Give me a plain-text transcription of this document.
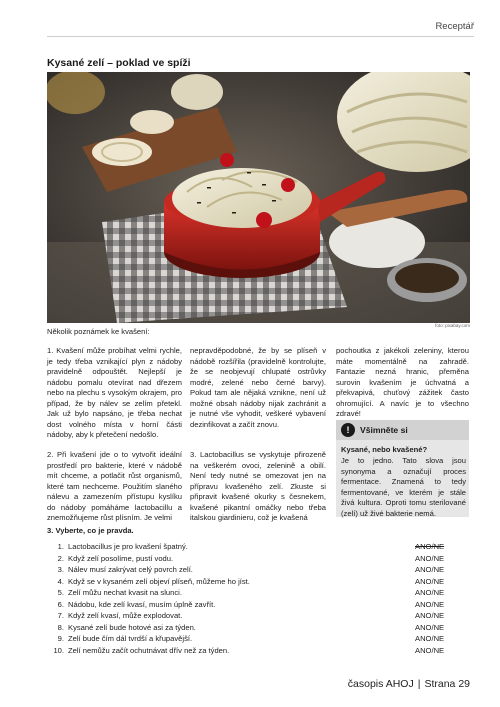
Receptář
Kysané zelí – poklad ve spíži
foto: pixabay.com
Několik poznámek ke kvašení:
1. Kvašení může probíhat velmi rychle, je tedy třeba vznikající plyn z nádoby pravidelně odpouštět. Nejlepší je nádobu pomalu otevírat nad dřezem nebo na plechu s vysokým okrajem, pro případ, že by nálev se zelím přetekl. Jak už bylo napsáno, je třeba nechat dost volného místa v horní části nádoby, aby k přetečení nedošlo.
2. Při kvašení jde o to vytvořit ideální prostředí pro bakterie, které v nádobě mít chceme, a potlačit růst organismů, které tam nechceme. Použitím slaného nálevu a zamezením přístupu kyslíku do nádoby pomáháme lactobacillu a znemožňujeme růst plísním. Je velmi
nepravděpodobné, že by se plíseň v nádobě rozšířila (pravidelně kontrolujte, že se neobjevují chlupaté ostrůvky modré, zelené nebo černé barvy). Pokud tam ale nějaká vznikne, není už možné obsah nádoby nijak zachránit a je nutné vše vyhodit, veškeré vybavení dezinfikovat a začít znovu.
3. Lactobacillus se vyskytuje přirozeně na veškerém ovoci, zelenině a obilí. Není tedy nutné se omezovat jen na přípravu kvašeného zelí. Zkuste si připravit kvašené okurky s česnekem, kvašené pikantní omáčky nebo třeba italskou giardinieru, což je kvašená
pochoutka z jakékoli zeleniny, kterou máte momentálně na zahradě. Fantazie nezná hranic, přeměna surovin kvašením je úchvatná a překvapivá, chuťový zážitek často ohromující. A navíc je to všechno zdravé!
!	Všimněte si
Kysané, nebo kvašené?
Je to jedno. Tato slova jsou synonyma a označují proces fermentace. Znamená to tedy fermentované, ve kterém je stále živá kultura. Oproti tomu sterilované (zelí) už živé bakterie nemá.
3. Vyberte, co je pravda.
1. Lactobacillus je pro kvašení špatný.	ANO/NE
2. Když zelí posolíme, pustí vodu.	ANO/NE
3. Nálev musí zakrývat celý povrch zelí.	ANO/NE
4. Když se v kysaném zelí objeví plíseň, můžeme ho jíst.	ANO/NE
5. Zelí můžu nechat kvasit na slunci.	ANO/NE
6. Nádobu, kde zelí kvasí, musím úplně zavřít.	ANO/NE
7. Když zelí kvasí, může explodovat.	ANO/NE
8. Kysané zelí bude hotové asi za týden.	ANO/NE
9. Zelí bude čím dál tvrdší a křupavější.	ANO/NE
10. Zelí nemůžu začít ochutnávat dřív než za týden.	ANO/NE
časopis AHOJ | Strana 29
